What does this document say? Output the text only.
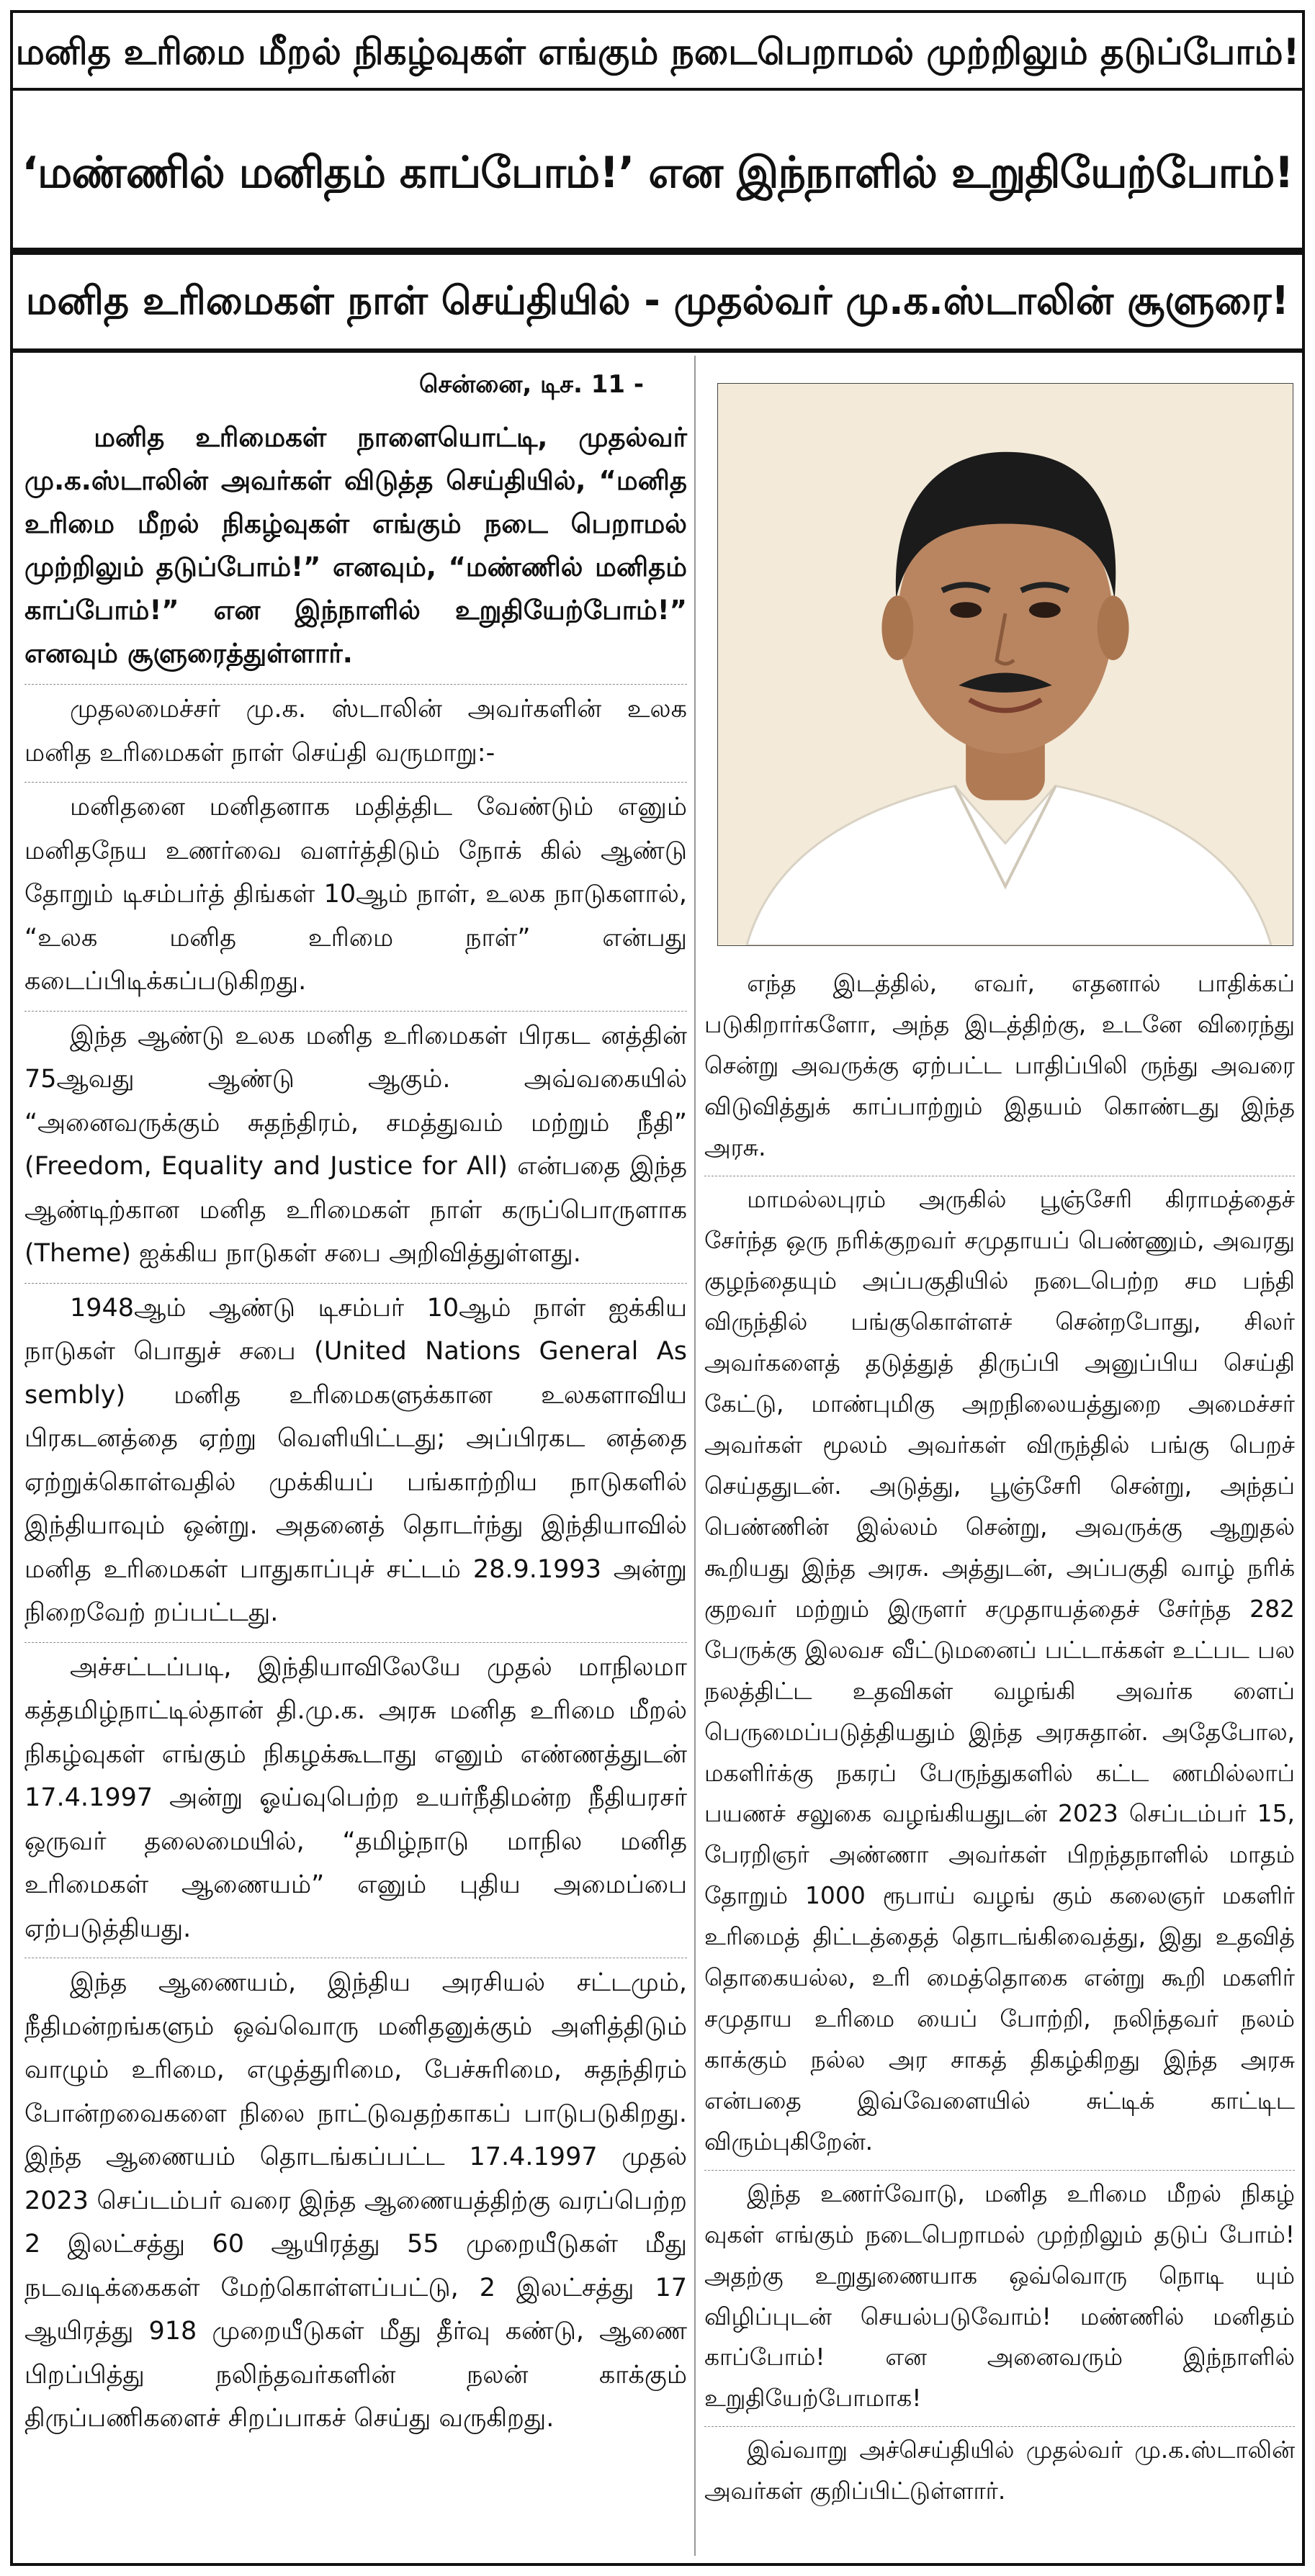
மனித உரிமை மீறல் நிகழ்வுகள் எங்கும் நடைபெறாமல் முற்றிலும் தடுப்போம்!
‘மண்ணில் மனிதம் காப்போம்!’ என இந்நாளில் உறுதியேற்போம்!
மனித உரிமைகள் நாள் செய்தியில் - முதல்வர் மு.க.ஸ்டாலின் சூளுரை!
சென்னை, டிச. 11 -

மனித உரிமைகள் நாளையொட்டி, முதல்வர் மு.க.ஸ்டாலின் அவர்கள் விடுத்த செய்தியில், “மனித உரிமை மீறல் நிகழ்வுகள் எங்கும் நடை பெறாமல் முற்றிலும் தடுப்போம்!” எனவும், “மண்ணில் மனிதம் காப்போம்!” என இந்நாளில் உறுதியேற்போம்!” எனவும் சூளுரைத்துள்ளார்.

முதலமைச்சர் மு.க. ஸ்டாலின் அவர்களின் உலக மனித உரிமைகள் நாள் செய்தி வருமாறு:-

மனிதனை மனிதனாக மதித்திட வேண்டும் எனும் மனிதநேய உணர்வை வளர்த்திடும் நோக் கில் ஆண்டு தோறும் டிசம்பர்த் திங்கள் 10ஆம் நாள், உலக நாடுகளால், “உலக மனித உரிமை நாள்” என்பது கடைப்பிடிக்கப்படுகிறது.

இந்த ஆண்டு உலக மனித உரிமைகள் பிரகட னத்தின் 75ஆவது ஆண்டு ஆகும். அவ்வகையில் “அனைவருக்கும் சுதந்திரம், சமத்துவம் மற்றும் நீதி” (Freedom, Equality and Justice for All) என்பதை இந்த ஆண்டிற்கான மனித உரிமைகள் நாள் கருப்பொருளாக (Theme) ஐக்கிய நாடுகள் சபை அறிவித்துள்ளது.

1948ஆம் ஆண்டு டிசம்பர் 10ஆம் நாள் ஐக்கிய நாடுகள் பொதுச் சபை (United Nations General As sembly) மனித உரிமைகளுக்கான உலகளாவிய பிரகடனத்தை ஏற்று வெளியிட்டது; அப்பிரகட னத்தை ஏற்றுக்கொள்வதில் முக்கியப் பங்காற்றிய நாடுகளில் இந்தியாவும் ஒன்று. அதனைத் தொடர்ந்து இந்தியாவில் மனித உரிமைகள் பாதுகாப்புச் சட்டம் 28.9.1993 அன்று நிறைவேற் றப்பட்டது.

அச்சட்டப்படி, இந்தியாவிலேயே முதல் மாநிலமா கத்தமிழ்நாட்டில்தான் தி.மு.க. அரசு மனித உரிமை மீறல் நிகழ்வுகள் எங்கும் நிகழக்கூடாது எனும் எண்ணத்துடன் 17.4.1997 அன்று ஓய்வுபெற்ற உயர்நீதிமன்ற நீதியரசர் ஒருவர் தலைமையில், “தமிழ்நாடு மாநில மனித உரிமைகள் ஆணையம்” எனும் புதிய அமைப்பை ஏற்படுத்தியது.

இந்த ஆணையம், இந்திய அரசியல் சட்டமும், நீதிமன்றங்களும் ஒவ்வொரு மனிதனுக்கும் அளித்திடும் வாழும் உரிமை, எழுத்துரிமை, பேச்சுரிமை, சுதந்திரம் போன்றவைகளை நிலை நாட்டுவதற்காகப் பாடுபடுகிறது. இந்த ஆணையம் தொடங்கப்பட்ட 17.4.1997 முதல் 2023 செப்டம்பர் வரை இந்த ஆணையத்திற்கு வரப்பெற்ற 2 இலட்சத்து 60 ஆயிரத்து 55 முறையீடுகள் மீது நடவடிக்கைகள் மேற்கொள்ளப்பட்டு, 2 இலட்சத்து 17 ஆயிரத்து 918 முறையீடுகள் மீது தீர்வு கண்டு, ஆணை பிறப்பித்து நலிந்தவர்களின் நலன் காக்கும் திருப்பணிகளைச் சிறப்பாகச் செய்து வருகிறது.

எந்த இடத்தில், எவர், எதனால் பாதிக்கப் படுகிறார்களோ, அந்த இடத்திற்கு, உடனே விரைந்து சென்று அவருக்கு ஏற்பட்ட பாதிப்பிலி ருந்து அவரை விடுவித்துக் காப்பாற்றும் இதயம் கொண்டது இந்த அரசு.

மாமல்லபுரம் அருகில் பூஞ்சேரி கிராமத்தைச் சேர்ந்த ஒரு நரிக்குறவர் சமுதாயப் பெண்ணும், அவரது குழந்தையும் அப்பகுதியில் நடைபெற்ற சம பந்தி விருந்தில் பங்குகொள்ளச் சென்றபோது, சிலர் அவர்களைத் தடுத்துத் திருப்பி அனுப்பிய செய்தி கேட்டு, மாண்புமிகு அறநிலையத்துறை அமைச்சர் அவர்கள் மூலம் அவர்கள் விருந்தில் பங்கு பெறச் செய்ததுடன். அடுத்து, பூஞ்சேரி சென்று, அந்தப் பெண்ணின் இல்லம் சென்று, அவருக்கு ஆறுதல் கூறியது இந்த அரசு. அத்துடன், அப்பகுதி வாழ் நரிக் குறவர் மற்றும் இருளர் சமுதாயத்தைச் சேர்ந்த 282 பேருக்கு இலவச வீட்டுமனைப் பட்டாக்கள் உட்பட பல நலத்திட்ட உதவிகள் வழங்கி அவர்க ளைப் பெருமைப்படுத்தியதும் இந்த அரசுதான். அதேபோல, மகளிர்க்கு நகரப் பேருந்துகளில் கட்ட ணமில்லாப் பயணச் சலுகை வழங்கியதுடன் 2023 செப்டம்பர் 15, பேரறிஞர் அண்ணா அவர்கள் பிறந்தநாளில் மாதம் தோறும் 1000 ரூபாய் வழங் கும் கலைஞர் மகளிர் உரிமைத் திட்டத்தைத் தொடங்கிவைத்து, இது உதவித் தொகையல்ல, உரி மைத்தொகை என்று கூறி மகளிர் சமுதாய உரிமை யைப் போற்றி, நலிந்தவர் நலம் காக்கும் நல்ல அர சாகத் திகழ்கிறது இந்த அரசு என்பதை இவ்வேளையில் சுட்டிக் காட்டிட விரும்புகிறேன்.

இந்த உணர்வோடு, மனித உரிமை மீறல் நிகழ் வுகள் எங்கும் நடைபெறாமல் முற்றிலும் தடுப் போம்! அதற்கு உறுதுணையாக ஒவ்வொரு நொடி யும் விழிப்புடன் செயல்படுவோம்! மண்ணில் மனிதம் காப்போம்! என அனைவரும் இந்நாளில் உறுதியேற்போமாக!

இவ்வாறு அச்செய்தியில் முதல்வர் மு.க.ஸ்டாலின் அவர்கள் குறிப்பிட்டுள்ளார்.
